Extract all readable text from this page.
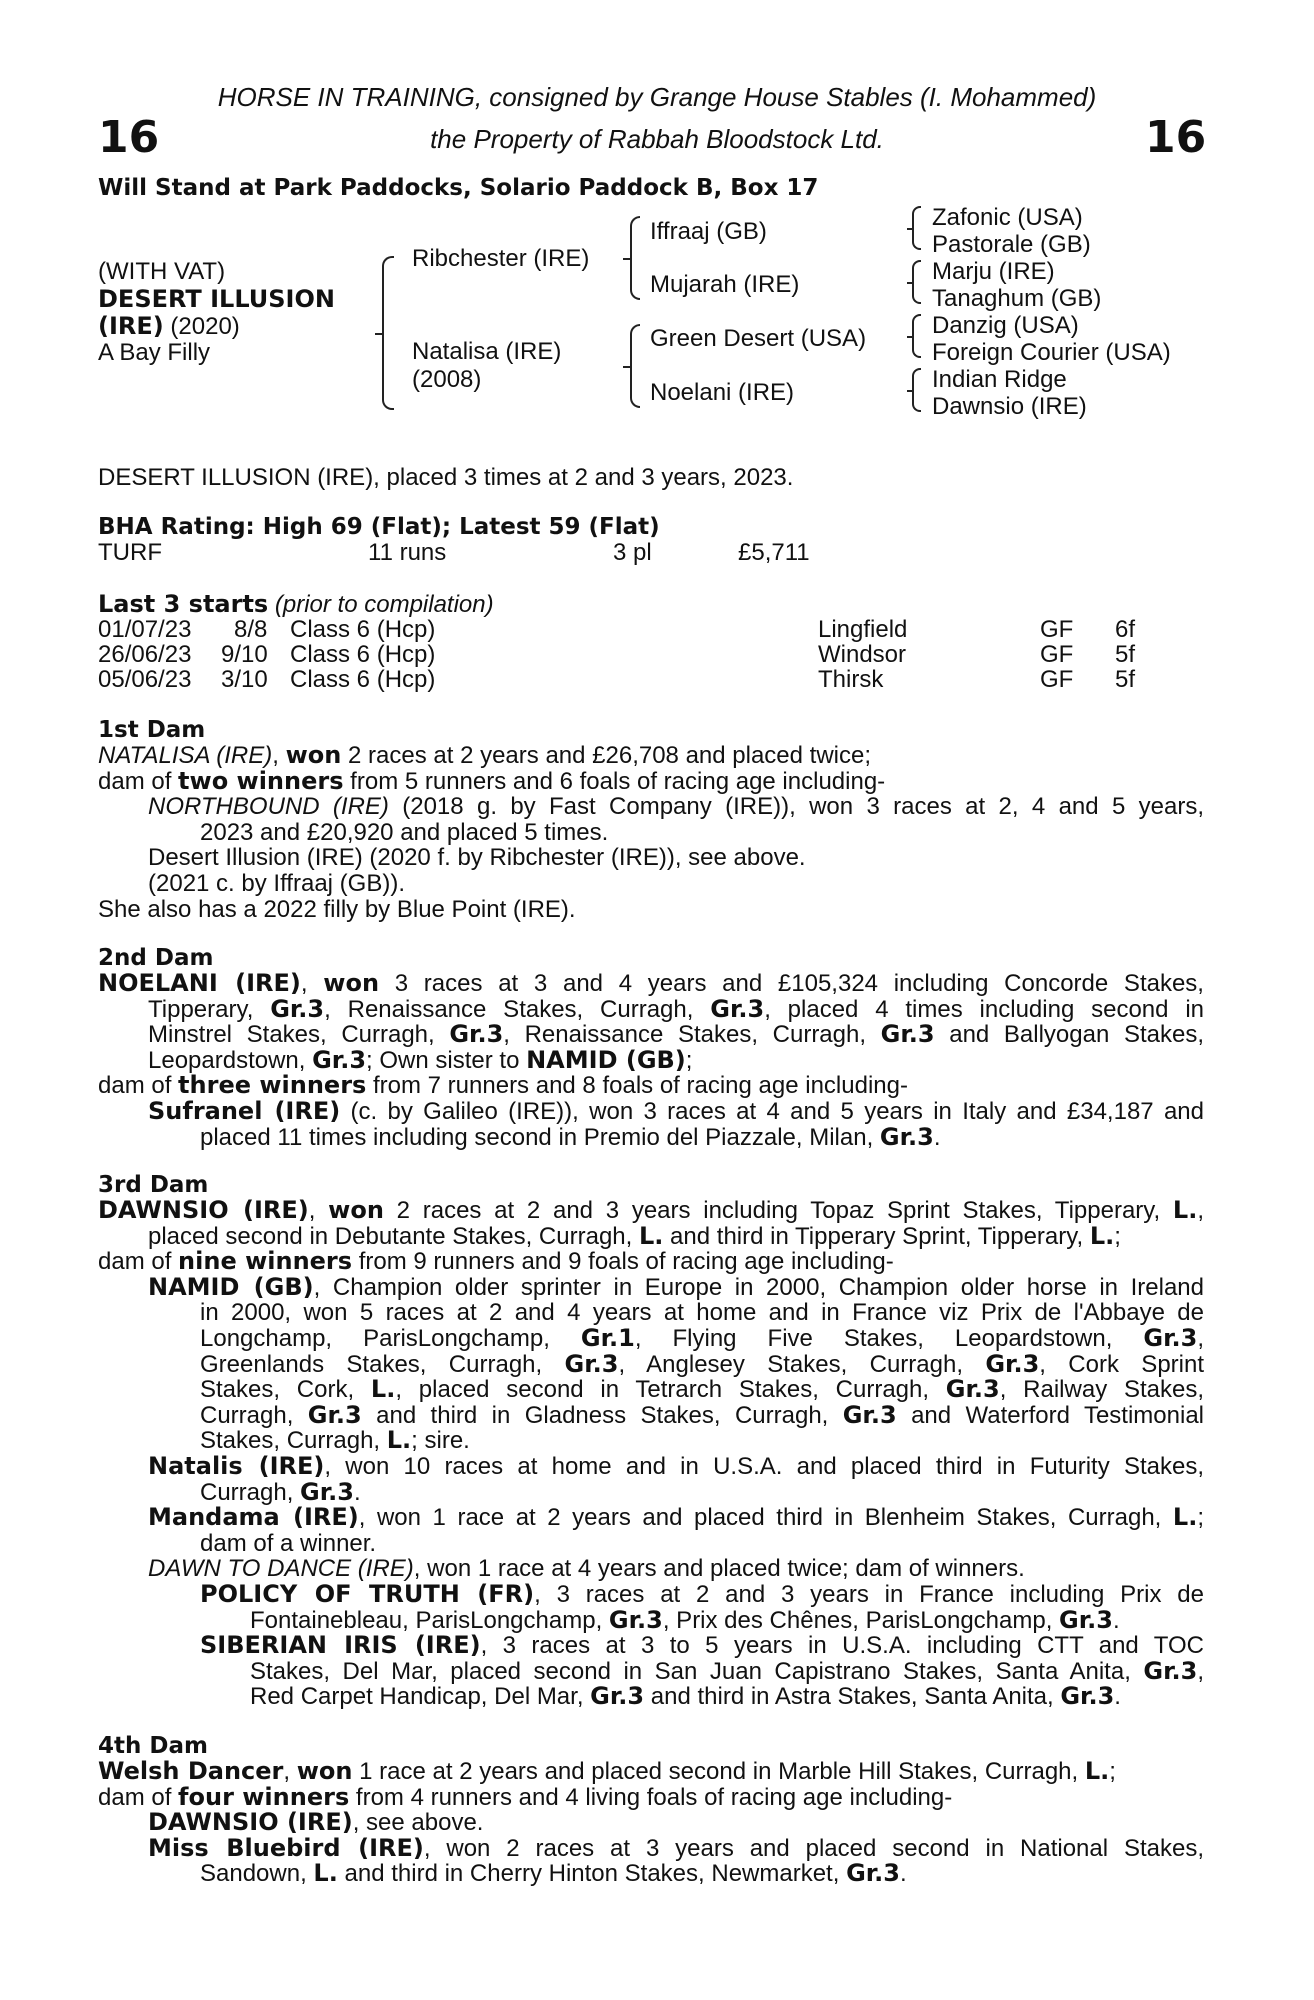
HORSE IN TRAINING, consigned by Grange House Stables (I. Mohammed)
the Property of Rabbah Bloodstock Ltd.
16	16
Will Stand at Park Paddocks, Solario Paddock B, Box 17
(WITH VAT)
DESERT ILLUSION
(IRE) (2020)
A Bay Filly
Ribchester (IRE)
Natalisa (IRE)
(2008)
Iffraaj (GB)
Mujarah (IRE)
Green Desert (USA)
Noelani (IRE)
Zafonic (USA)
Pastorale (GB)
Marju (IRE)
Tanaghum (GB)
Danzig (USA)
Foreign Courier (USA)
Indian Ridge
Dawnsio (IRE)
DESERT ILLUSION (IRE), placed 3 times at 2 and 3 years, 2023.
BHA Rating: High 69 (Flat); Latest 59 (Flat)
TURF	11 runs	3 pl	£5,711
Last 3 starts (prior to compilation)
01/07/23 8/8 Class 6 (Hcp)	Lingfield	GF 6f
26/06/23 9/10 Class 6 (Hcp)	Windsor	GF 5f
05/06/23 3/10 Class 6 (Hcp)	Thirsk	GF 5f
1st Dam
NATALISA (IRE), won 2 races at 2 years and £26,708 and placed twice;
dam of two winners from 5 runners and 6 foals of racing age including-
NORTHBOUND (IRE) (2018 g. by Fast Company (IRE)), won 3 races at 2, 4 and 5 years,
2023 and £20,920 and placed 5 times.
Desert Illusion (IRE) (2020 f. by Ribchester (IRE)), see above.
(2021 c. by Iffraaj (GB)).
She also has a 2022 filly by Blue Point (IRE).
2nd Dam
NOELANI (IRE), won 3 races at 3 and 4 years and £105,324 including Concorde Stakes,
Tipperary, Gr.3, Renaissance Stakes, Curragh, Gr.3, placed 4 times including second in
Minstrel Stakes, Curragh, Gr.3, Renaissance Stakes, Curragh, Gr.3 and Ballyogan Stakes,
Leopardstown, Gr.3; Own sister to NAMID (GB);
dam of three winners from 7 runners and 8 foals of racing age including-
Sufranel (IRE) (c. by Galileo (IRE)), won 3 races at 4 and 5 years in Italy and £34,187 and
placed 11 times including second in Premio del Piazzale, Milan, Gr.3.
3rd Dam
DAWNSIO (IRE), won 2 races at 2 and 3 years including Topaz Sprint Stakes, Tipperary, L.,
placed second in Debutante Stakes, Curragh, L. and third in Tipperary Sprint, Tipperary, L.;
dam of nine winners from 9 runners and 9 foals of racing age including-
NAMID (GB), Champion older sprinter in Europe in 2000, Champion older horse in Ireland
in 2000, won 5 races at 2 and 4 years at home and in France viz Prix de l'Abbaye de
Longchamp, ParisLongchamp, Gr.1, Flying Five Stakes, Leopardstown, Gr.3,
Greenlands Stakes, Curragh, Gr.3, Anglesey Stakes, Curragh, Gr.3, Cork Sprint
Stakes, Cork, L., placed second in Tetrarch Stakes, Curragh, Gr.3, Railway Stakes,
Curragh, Gr.3 and third in Gladness Stakes, Curragh, Gr.3 and Waterford Testimonial
Stakes, Curragh, L.; sire.
Natalis (IRE), won 10 races at home and in U.S.A. and placed third in Futurity Stakes,
Curragh, Gr.3.
Mandama (IRE), won 1 race at 2 years and placed third in Blenheim Stakes, Curragh, L.;
dam of a winner.
DAWN TO DANCE (IRE), won 1 race at 4 years and placed twice; dam of winners.
POLICY OF TRUTH (FR), 3 races at 2 and 3 years in France including Prix de
Fontainebleau, ParisLongchamp, Gr.3, Prix des Chênes, ParisLongchamp, Gr.3.
SIBERIAN IRIS (IRE), 3 races at 3 to 5 years in U.S.A. including CTT and TOC
Stakes, Del Mar, placed second in San Juan Capistrano Stakes, Santa Anita, Gr.3,
Red Carpet Handicap, Del Mar, Gr.3 and third in Astra Stakes, Santa Anita, Gr.3.
4th Dam
Welsh Dancer, won 1 race at 2 years and placed second in Marble Hill Stakes, Curragh, L.;
dam of four winners from 4 runners and 4 living foals of racing age including-
DAWNSIO (IRE), see above.
Miss Bluebird (IRE), won 2 races at 3 years and placed second in National Stakes,
Sandown, L. and third in Cherry Hinton Stakes, Newmarket, Gr.3.
